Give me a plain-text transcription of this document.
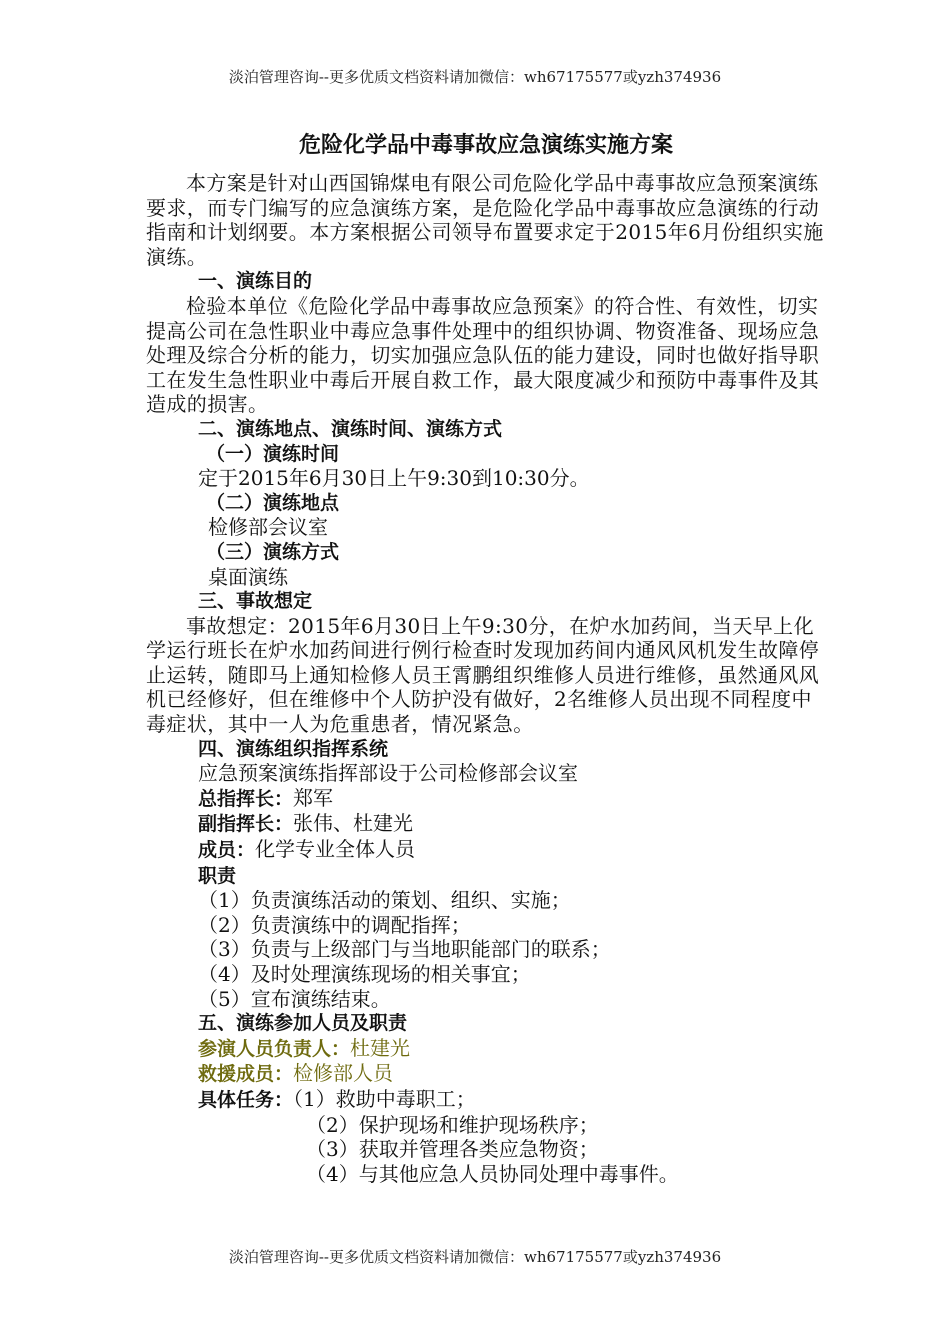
淡泊管理咨询--更多优质文档资料请加微信：wh67175577或yzh374936
危险化学品中毒事故应急演练实施方案

本方案是针对山西国锦煤电有限公司危险化学品中毒事故应急预案演练要求，而专门编写的应急演练方案，是危险化学品中毒事故应急演练的行动指南和计划纲要。本方案根据公司领导布置要求定于2015年6月份组织实施演练。

一、演练目的

检验本单位《危险化学品中毒事故应急预案》的符合性、有效性，切实提高公司在急性职业中毒应急事件处理中的组织协调、物资准备、现场应急处理及综合分析的能力，切实加强应急队伍的能力建设，同时也做好指导职工在发生急性职业中毒后开展自救工作，最大限度减少和预防中毒事件及其造成的损害。

二、演练地点、演练时间、演练方式

（一）演练时间

定于2015年6月30日上午9:30到10:30分。

（二）演练地点

检修部会议室

（三）演练方式

桌面演练

三、事故想定

事故想定：2015年6月30日上午9:30分，在炉水加药间，当天早上化学运行班长在炉水加药间进行例行检查时发现加药间内通风风机发生故障停止运转，随即马上通知检修人员王霄鹏组织维修人员进行维修，虽然通风风机已经修好，但在维修中个人防护没有做好，2名维修人员出现不同程度中毒症状，其中一人为危重患者，情况紧急。

四、演练组织指挥系统

应急预案演练指挥部设于公司检修部会议室

总指挥长：郑军

副指挥长：张伟、杜建光

成员：化学专业全体人员

职责

（1）负责演练活动的策划、组织、实施；

（2）负责演练中的调配指挥；

（3）负责与上级部门与当地职能部门的联系；

（4）及时处理演练现场的相关事宜；

（5）宣布演练结束。

五、演练参加人员及职责

参演人员负责人：杜建光

救援成员：检修部人员

具体任务：（1）救助中毒职工；

（2）保护现场和维护现场秩序；

（3）获取并管理各类应急物资；

（4）与其他应急人员协同处理中毒事件。

淡泊管理咨询--更多优质文档资料请加微信：wh67175577或yzh374936
